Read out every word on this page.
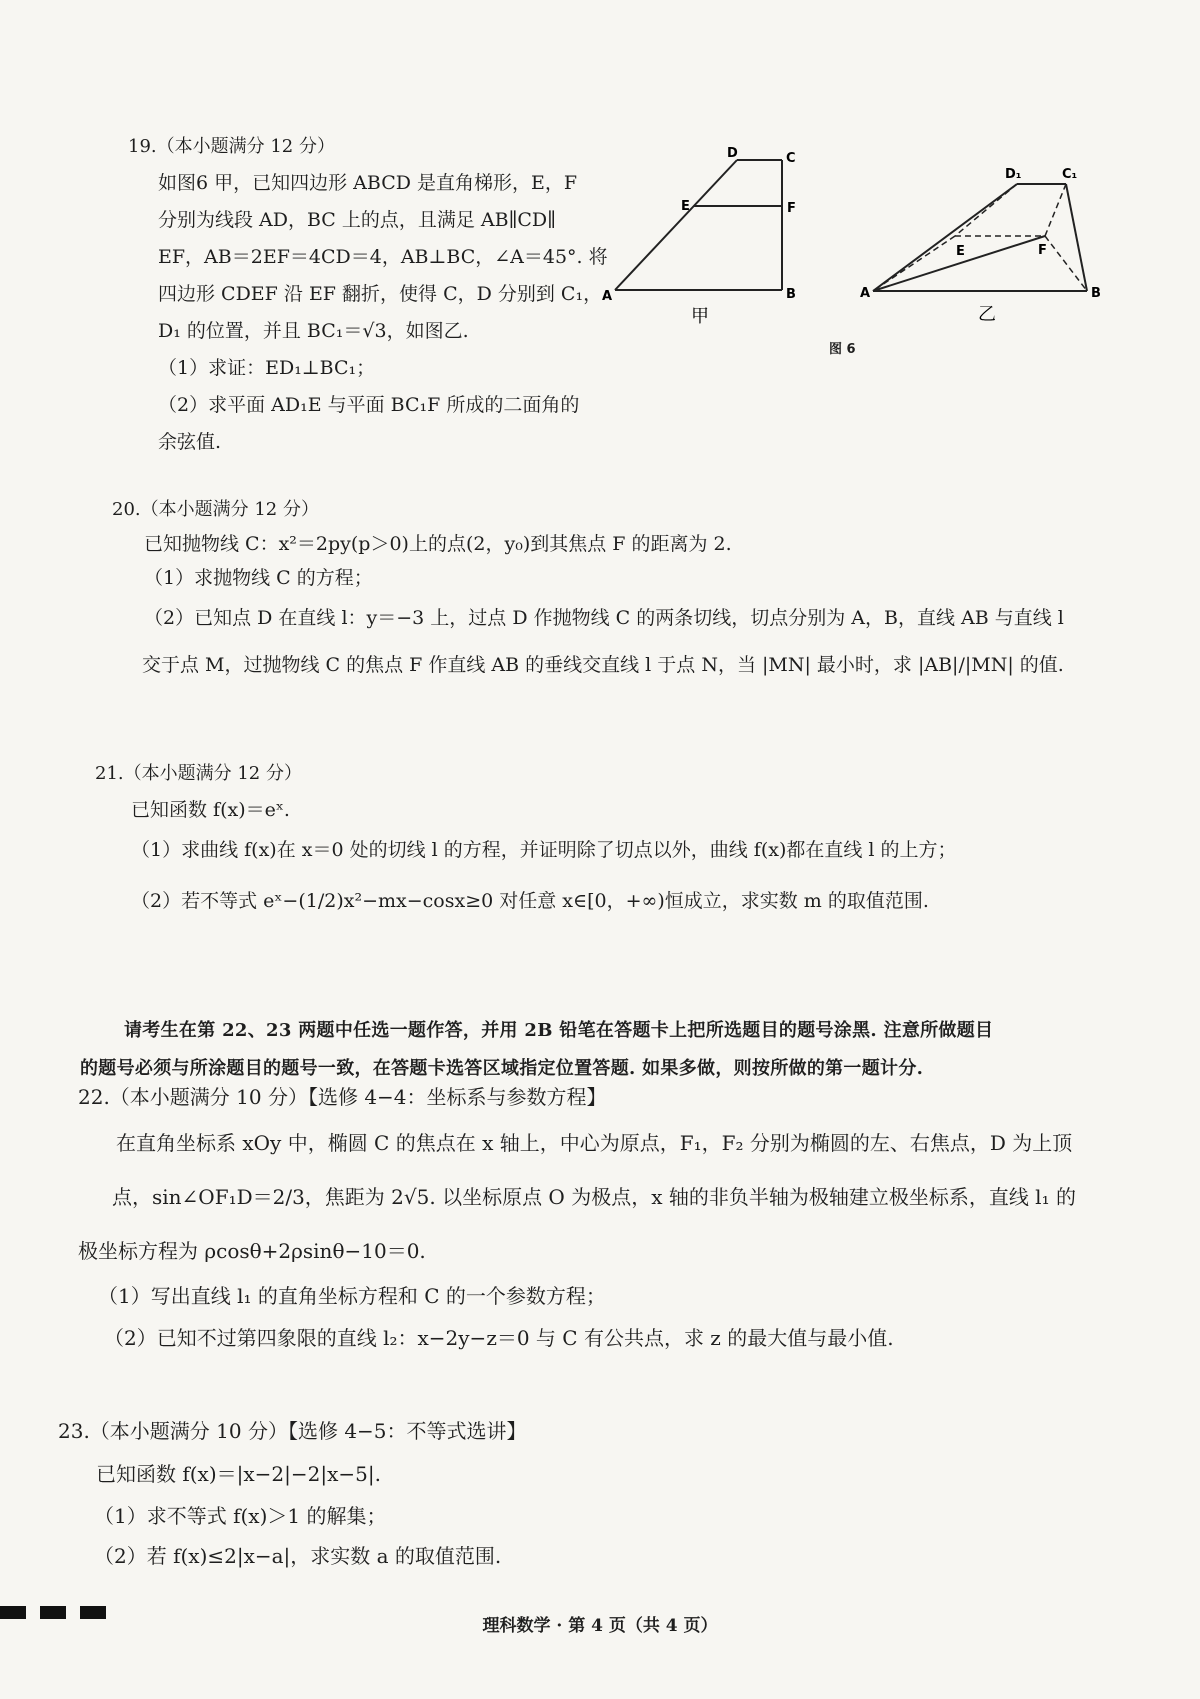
19.（本小题满分 12 分）

如图6 甲，已知四边形 ABCD 是直角梯形，E，F

分别为线段 AD，BC 上的点，且满足 AB∥CD∥

EF，AB＝2EF＝4CD＝4，AB⊥BC，∠A＝45°. 将

四边形 CDEF 沿 EF 翻折，使得 C，D 分别到 C₁，

D₁ 的位置，并且 BC₁＝√3，如图乙.

（1）求证：ED₁⊥BC₁；

（2）求平面 AD₁E 与平面 BC₁F 所成的二面角的

余弦值.

D	C
E	F
A	B
甲
D₁	C₁
E	F
A	B
乙
图 6

20.（本小题满分 12 分）

已知抛物线 C：x²＝2py(p＞0)上的点(2，y₀)到其焦点 F 的距离为 2.

（1）求抛物线 C 的方程；

（2）已知点 D 在直线 l：y＝−3 上，过点 D 作抛物线 C 的两条切线，切点分别为 A，B，直线 AB 与直线 l

交于点 M，过抛物线 C 的焦点 F 作直线 AB 的垂线交直线 l 于点 N，当 |MN| 最小时，求 |AB|/|MN| 的值.

21.（本小题满分 12 分）

已知函数 f(x)＝eˣ.

（1）求曲线 f(x)在 x＝0 处的切线 l 的方程，并证明除了切点以外，曲线 f(x)都在直线 l 的上方；

（2）若不等式 eˣ−(1/2)x²−mx−cosx≥0 对任意 x∈[0，+∞)恒成立，求实数 m 的取值范围.

请考生在第 22、23 两题中任选一题作答，并用 2B 铅笔在答题卡上把所选题目的题号涂黑. 注意所做题目

的题号必须与所涂题目的题号一致，在答题卡选答区域指定位置答题. 如果多做，则按所做的第一题计分.

22.（本小题满分 10 分）【选修 4−4：坐标系与参数方程】

在直角坐标系 xOy 中，椭圆 C 的焦点在 x 轴上，中心为原点，F₁，F₂ 分别为椭圆的左、右焦点，D 为上顶

点，sin∠OF₁D＝2/3，焦距为 2√5. 以坐标原点 O 为极点，x 轴的非负半轴为极轴建立极坐标系，直线 l₁ 的

极坐标方程为 ρcosθ+2ρsinθ−10＝0.

（1）写出直线 l₁ 的直角坐标方程和 C 的一个参数方程；

（2）已知不过第四象限的直线 l₂：x−2y−z＝0 与 C 有公共点，求 z 的最大值与最小值.

23.（本小题满分 10 分）【选修 4−5：不等式选讲】

已知函数 f(x)＝|x−2|−2|x−5|.

（1）求不等式 f(x)＞1 的解集；

（2）若 f(x)≤2|x−a|，求实数 a 的取值范围.

理科数学 · 第 4 页（共 4 页）
